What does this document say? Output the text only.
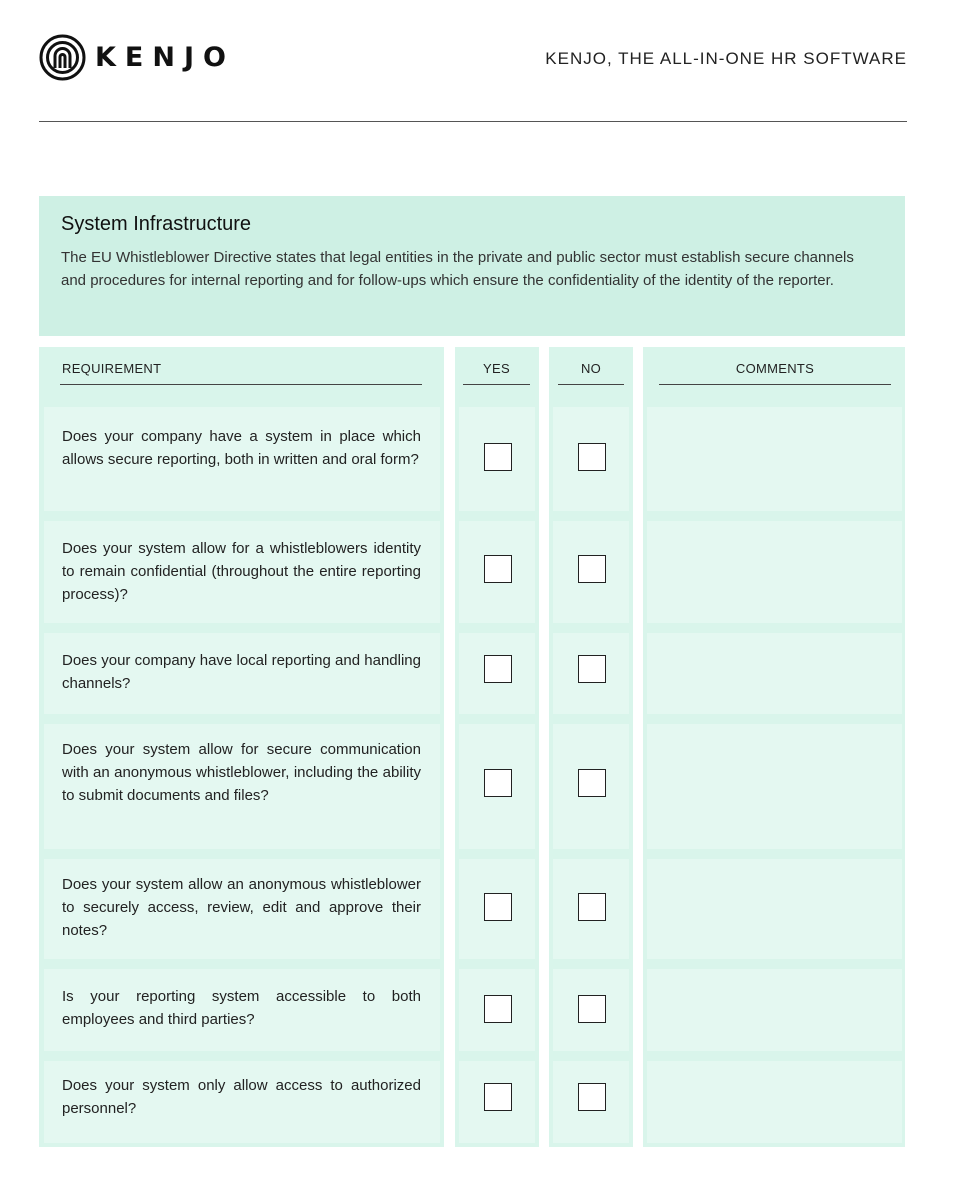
KENJO	KENJO, THE ALL-IN-ONE HR SOFTWARE
System Infrastructure
The EU Whistleblower Directive states that legal entities in the private and public sector must establish secure channels and procedures for internal reporting and for follow-ups which ensure the confidentiality of the identity of the reporter.
REQUIREMENT	YES	NO	COMMENTS
Does your company have a system in place which allows secure reporting, both in written and oral form?
Does your system allow for a whistleblowers identity to remain confidential (throughout the entire reporting process)?
Does your company have local reporting and handling channels?
Does your system allow for secure communication with an anonymous whistleblower, including the ability to submit documents and files?
Does your system allow an anonymous whistleblower to securely access, review, edit and approve their notes?
Is your reporting system accessible to both employees and third parties?
Does your system only allow access to authorized personnel?
